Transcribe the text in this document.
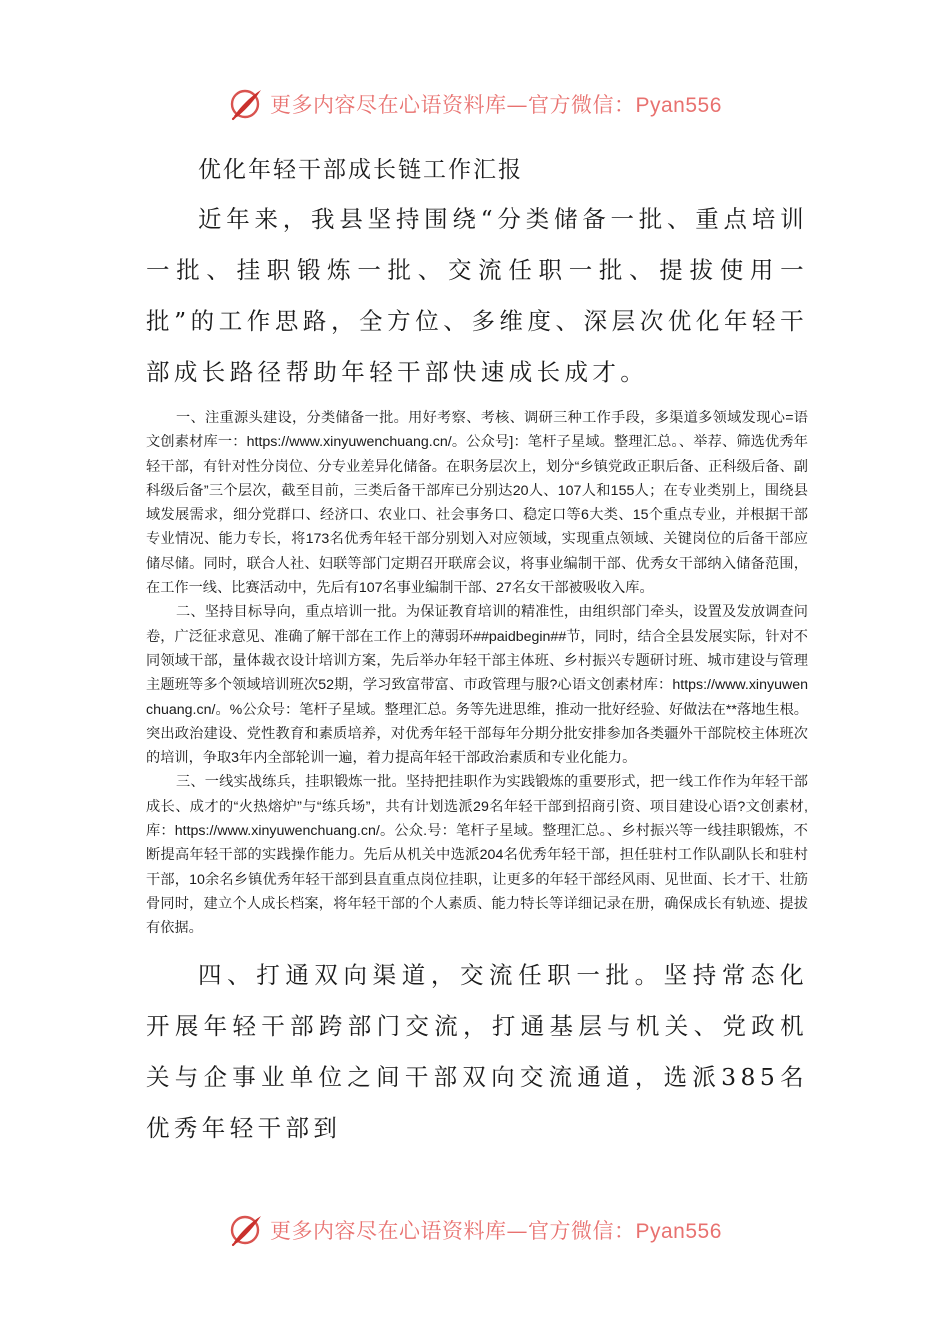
更多内容尽在心语资料库—官方微信：Pyan556
优化年轻干部成长链工作汇报

近年来，我县坚持围绕“分类储备一批、重点培训一批、挂职锻炼一批、交流任职一批、提拔使用一批”的工作思路，全方位、多维度、深层次优化年轻干部成长路径帮助年轻干部快速成长成才。

一、注重源头建设，分类储备一批。用好考察、考核、调研三种工作手段，多渠道多领域发现心=语文创素材库一：https://www.xinyuwenchuang.cn/。公众号]：笔杆子星域。整理汇总。、举荐、筛选优秀年轻干部，有针对性分岗位、分专业差异化储备。在职务层次上，划分“乡镇党政正职后备、正科级后备、副科级后备”三个层次，截至目前，三类后备干部库已分别达20人、107人和155人；在专业类别上，围绕县域发展需求，细分党群口、经济口、农业口、社会事务口、稳定口等6大类、15个重点专业，并根据干部专业情况、能力专长，将173名优秀年轻干部分别划入对应领域，实现重点领域、关键岗位的后备干部应储尽储。同时，联合人社、妇联等部门定期召开联席会议，将事业编制干部、优秀女干部纳入储备范围，在工作一线、比赛活动中，先后有107名事业编制干部、27名女干部被吸收入库。

二、坚持目标导向，重点培训一批。为保证教育培训的精准性，由组织部门牵头，设置及发放调查问卷，广泛征求意见、准确了解干部在工作上的薄弱环##paidbegin##节，同时，结合全县发展实际，针对不同领域干部，量体裁衣设计培训方案，先后举办年轻干部主体班、乡村振兴专题研讨班、城市建设与管理主题班等多个领域培训班次52期，学习致富带富、市政管理与服?心语文创素材库：https://www.xinyuwenchuang.cn/。%公众号：笔杆子星域。整理汇总。务等先进思维，推动一批好经验、好做法在**落地生根。突出政治建设、党性教育和素质培养，对优秀年轻干部每年分期分批安排参加各类疆外干部院校主体班次的培训，争取3年内全部轮训一遍，着力提高年轻干部政治素质和专业化能力。

三、一线实战练兵，挂职锻炼一批。坚持把挂职作为实践锻炼的重要形式，把一线工作作为年轻干部成长、成才的“火热熔炉”与“练兵场”，共有计划选派29名年轻干部到招商引资、项目建设心语?文创素材,库：https://www.xinyuwenchuang.cn/。公众.号：笔杆子星域。整理汇总。、乡村振兴等一线挂职锻炼，不断提高年轻干部的实践操作能力。先后从机关中选派204名优秀年轻干部，担任驻村工作队副队长和驻村干部，10余名乡镇优秀年轻干部到县直重点岗位挂职，让更多的年轻干部经风雨、见世面、长才干、壮筋骨同时，建立个人成长档案，将年轻干部的个人素质、能力特长等详细记录在册，确保成长有轨迹、提拔有依据。

四、打通双向渠道，交流任职一批。坚持常态化开展年轻干部跨部门交流，打通基层与机关、党政机关与企事业单位之间干部双向交流通道，选派385名优秀年轻干部到

更多内容尽在心语资料库—官方微信：Pyan556
